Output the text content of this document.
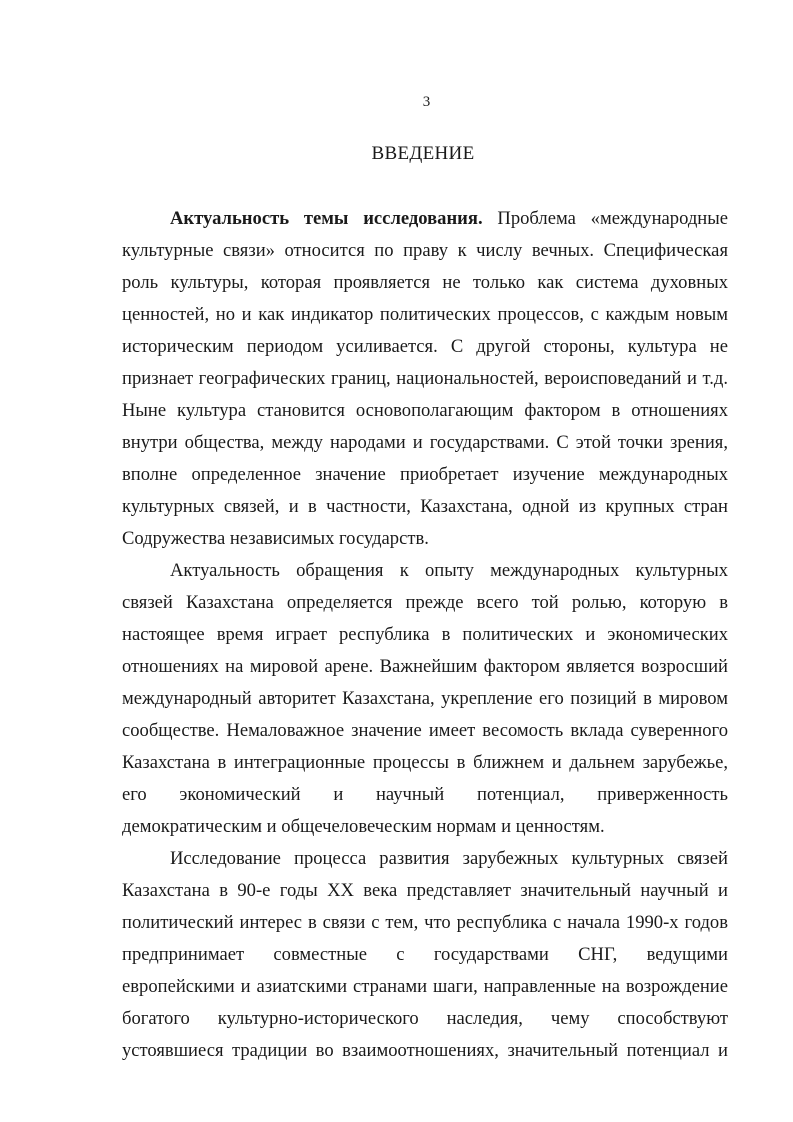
3
ВВЕДЕНИЕ
Актуальность темы исследования. Проблема «международные
культурные связи» относится по праву к числу вечных. Специфическая
роль культуры, которая проявляется не только как система духовных
ценностей, но и как индикатор политических процессов, с каждым новым
историческим периодом усиливается. С другой стороны, культура не
признает географических границ, национальностей, вероисповеданий и т.д.
Ныне культура становится основополагающим фактором в отношениях
внутри общества, между народами и государствами. С этой точки зрения,
вполне определенное значение приобретает изучение международных
культурных связей, и в частности, Казахстана, одной из крупных стран
Содружества независимых государств.
Актуальность обращения к опыту международных культурных
связей Казахстана определяется прежде всего той ролью, которую в
настоящее время играет республика в политических и экономических
отношениях на мировой арене. Важнейшим фактором является возросший
международный авторитет Казахстана, укрепление его позиций в мировом
сообществе. Немаловажное значение имеет весомость вклада суверенного
Казахстана в интеграционные процессы в ближнем и дальнем зарубежье,
его экономический и научный потенциал, приверженность
демократическим и общечеловеческим нормам и ценностям.
Исследование процесса развития зарубежных культурных связей
Казахстана в 90-е годы XX века представляет значительный научный и
политический интерес в связи с тем, что республика с начала 1990-х годов
предпринимает совместные с государствами СНГ, ведущими
европейскими и азиатскими странами шаги, направленные на возрождение
богатого культурно-исторического наследия, чему способствуют
устоявшиеся традиции во взаимоотношениях, значительный потенциал и
